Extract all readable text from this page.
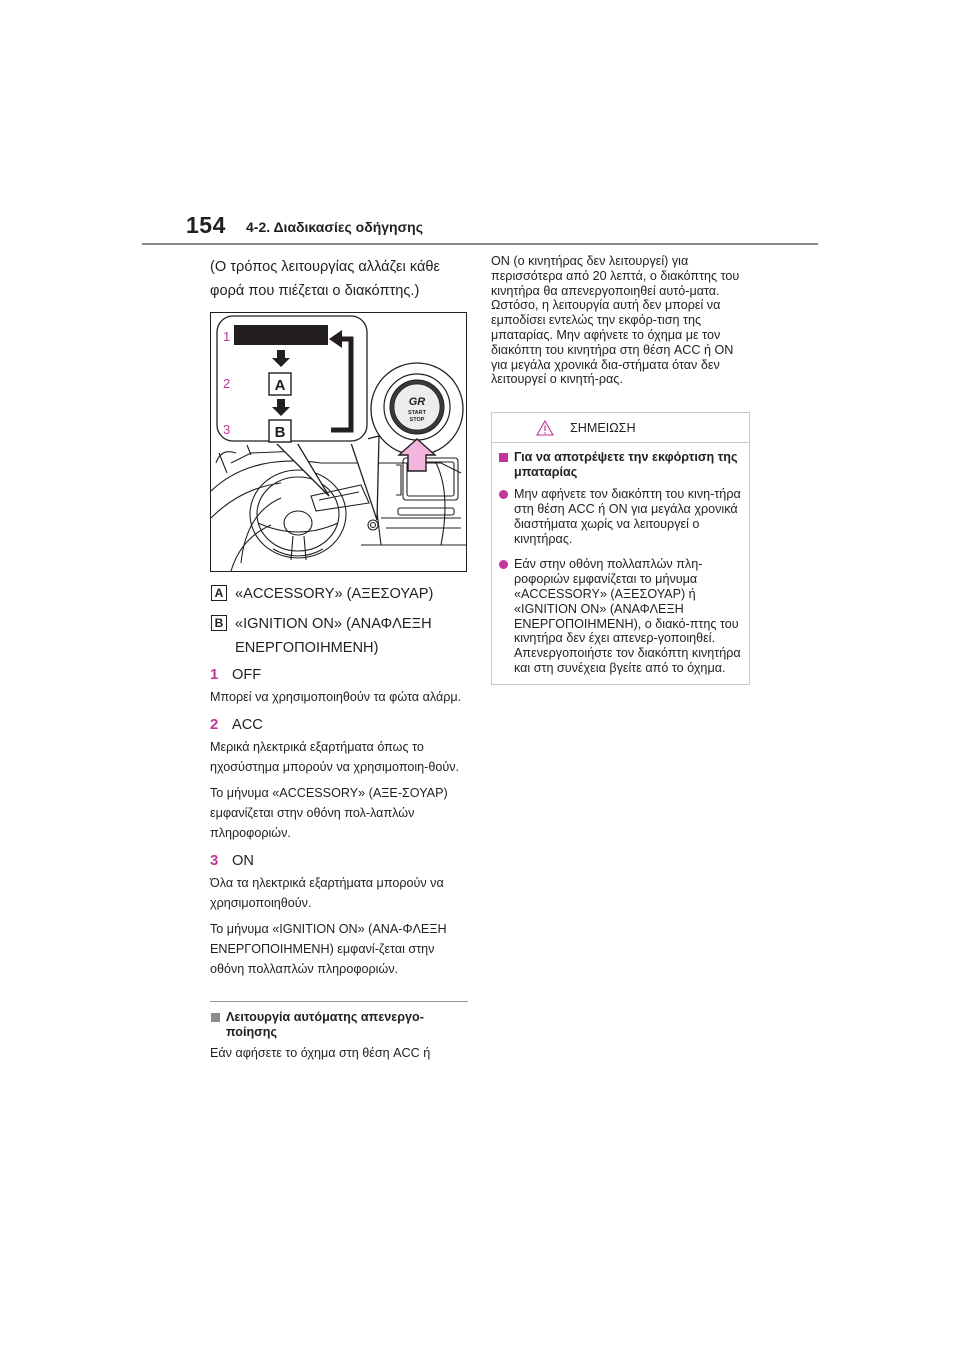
154 4-2. Διαδικασίες οδήγησης

(Ο τρόπος λειτουργίας αλλάζει κάθε φορά που πιέζεται ο διακόπτης.)

A
B
1
2
3
GR
START
STOP
A «ACCESSORY» (ΑΞΕΣΟΥΑΡ)
B «IGNITION ON» (ΑΝΑΦΛΕΞΗ ΕΝΕΡΓΟΠΟΙΗΜΕΝΗ)
1 OFF

Μπορεί να χρησιμοποιηθούν τα φώτα αλάρμ.

2 ACC

Μερικά ηλεκτρικά εξαρτήματα όπως το ηχοσύστημα μπορούν να χρησιμοποιη-θούν.

Το μήνυμα «ACCESSORY» (ΑΞΕ-ΣΟΥΑΡ) εμφανίζεται στην οθόνη πολ-λαπλών πληροφοριών.

3 ON

Όλα τα ηλεκτρικά εξαρτήματα μπορούν να χρησιμοποιηθούν.

Το μήνυμα «IGNITION ON» (ΑΝΑ-ΦΛΕΞΗ ΕΝΕΡΓΟΠΟΙΗΜΕΝΗ) εμφανί-ζεται στην οθόνη πολλαπλών πληροφοριών.

Λειτουργία αυτόματης απενεργο-ποίησης

Εάν αφήσετε το όχημα στη θέση ACC ή

ΟΝ (ο κινητήρας δεν λειτουργεί) για περισσότερα από 20 λεπτά, ο διακόπτης του κινητήρα θα απενεργοποιηθεί αυτό-ματα. Ωστόσο, η λειτουργία αυτή δεν μπορεί να εμποδίσει εντελώς την εκφόρ-τιση της μπαταρίας. Μην αφήνετε το όχημα με τον διακόπτη του κινητήρα στη θέση ACC ή ON για μεγάλα χρονικά δια-στήματα όταν δεν λειτουργεί ο κινητή-ρας.

ΣΗΜΕΙΩΣΗ
Για να αποτρέψετε την εκφόρτιση της μπαταρίας
Μην αφήνετε τον διακόπτη του κινη-τήρα στη θέση ACC ή ON για μεγάλα χρονικά διαστήματα χωρίς να λειτουργεί ο κινητήρας.
Εάν στην οθόνη πολλαπλών πλη-ροφοριών εμφανίζεται το μήνυμα «ACCESSORY» (ΑΞΕΣΟΥΑΡ) ή «IGNITION ON» (ΑΝΑΦΛΕΞΗ ΕΝΕΡΓΟΠΟΙΗΜΕΝΗ), ο διακό-πτης του κινητήρα δεν έχει απενερ-γοποιηθεί. Απενεργοποιήστε τον διακόπτη κινητήρα και στη συνέχεια βγείτε από το όχημα.
